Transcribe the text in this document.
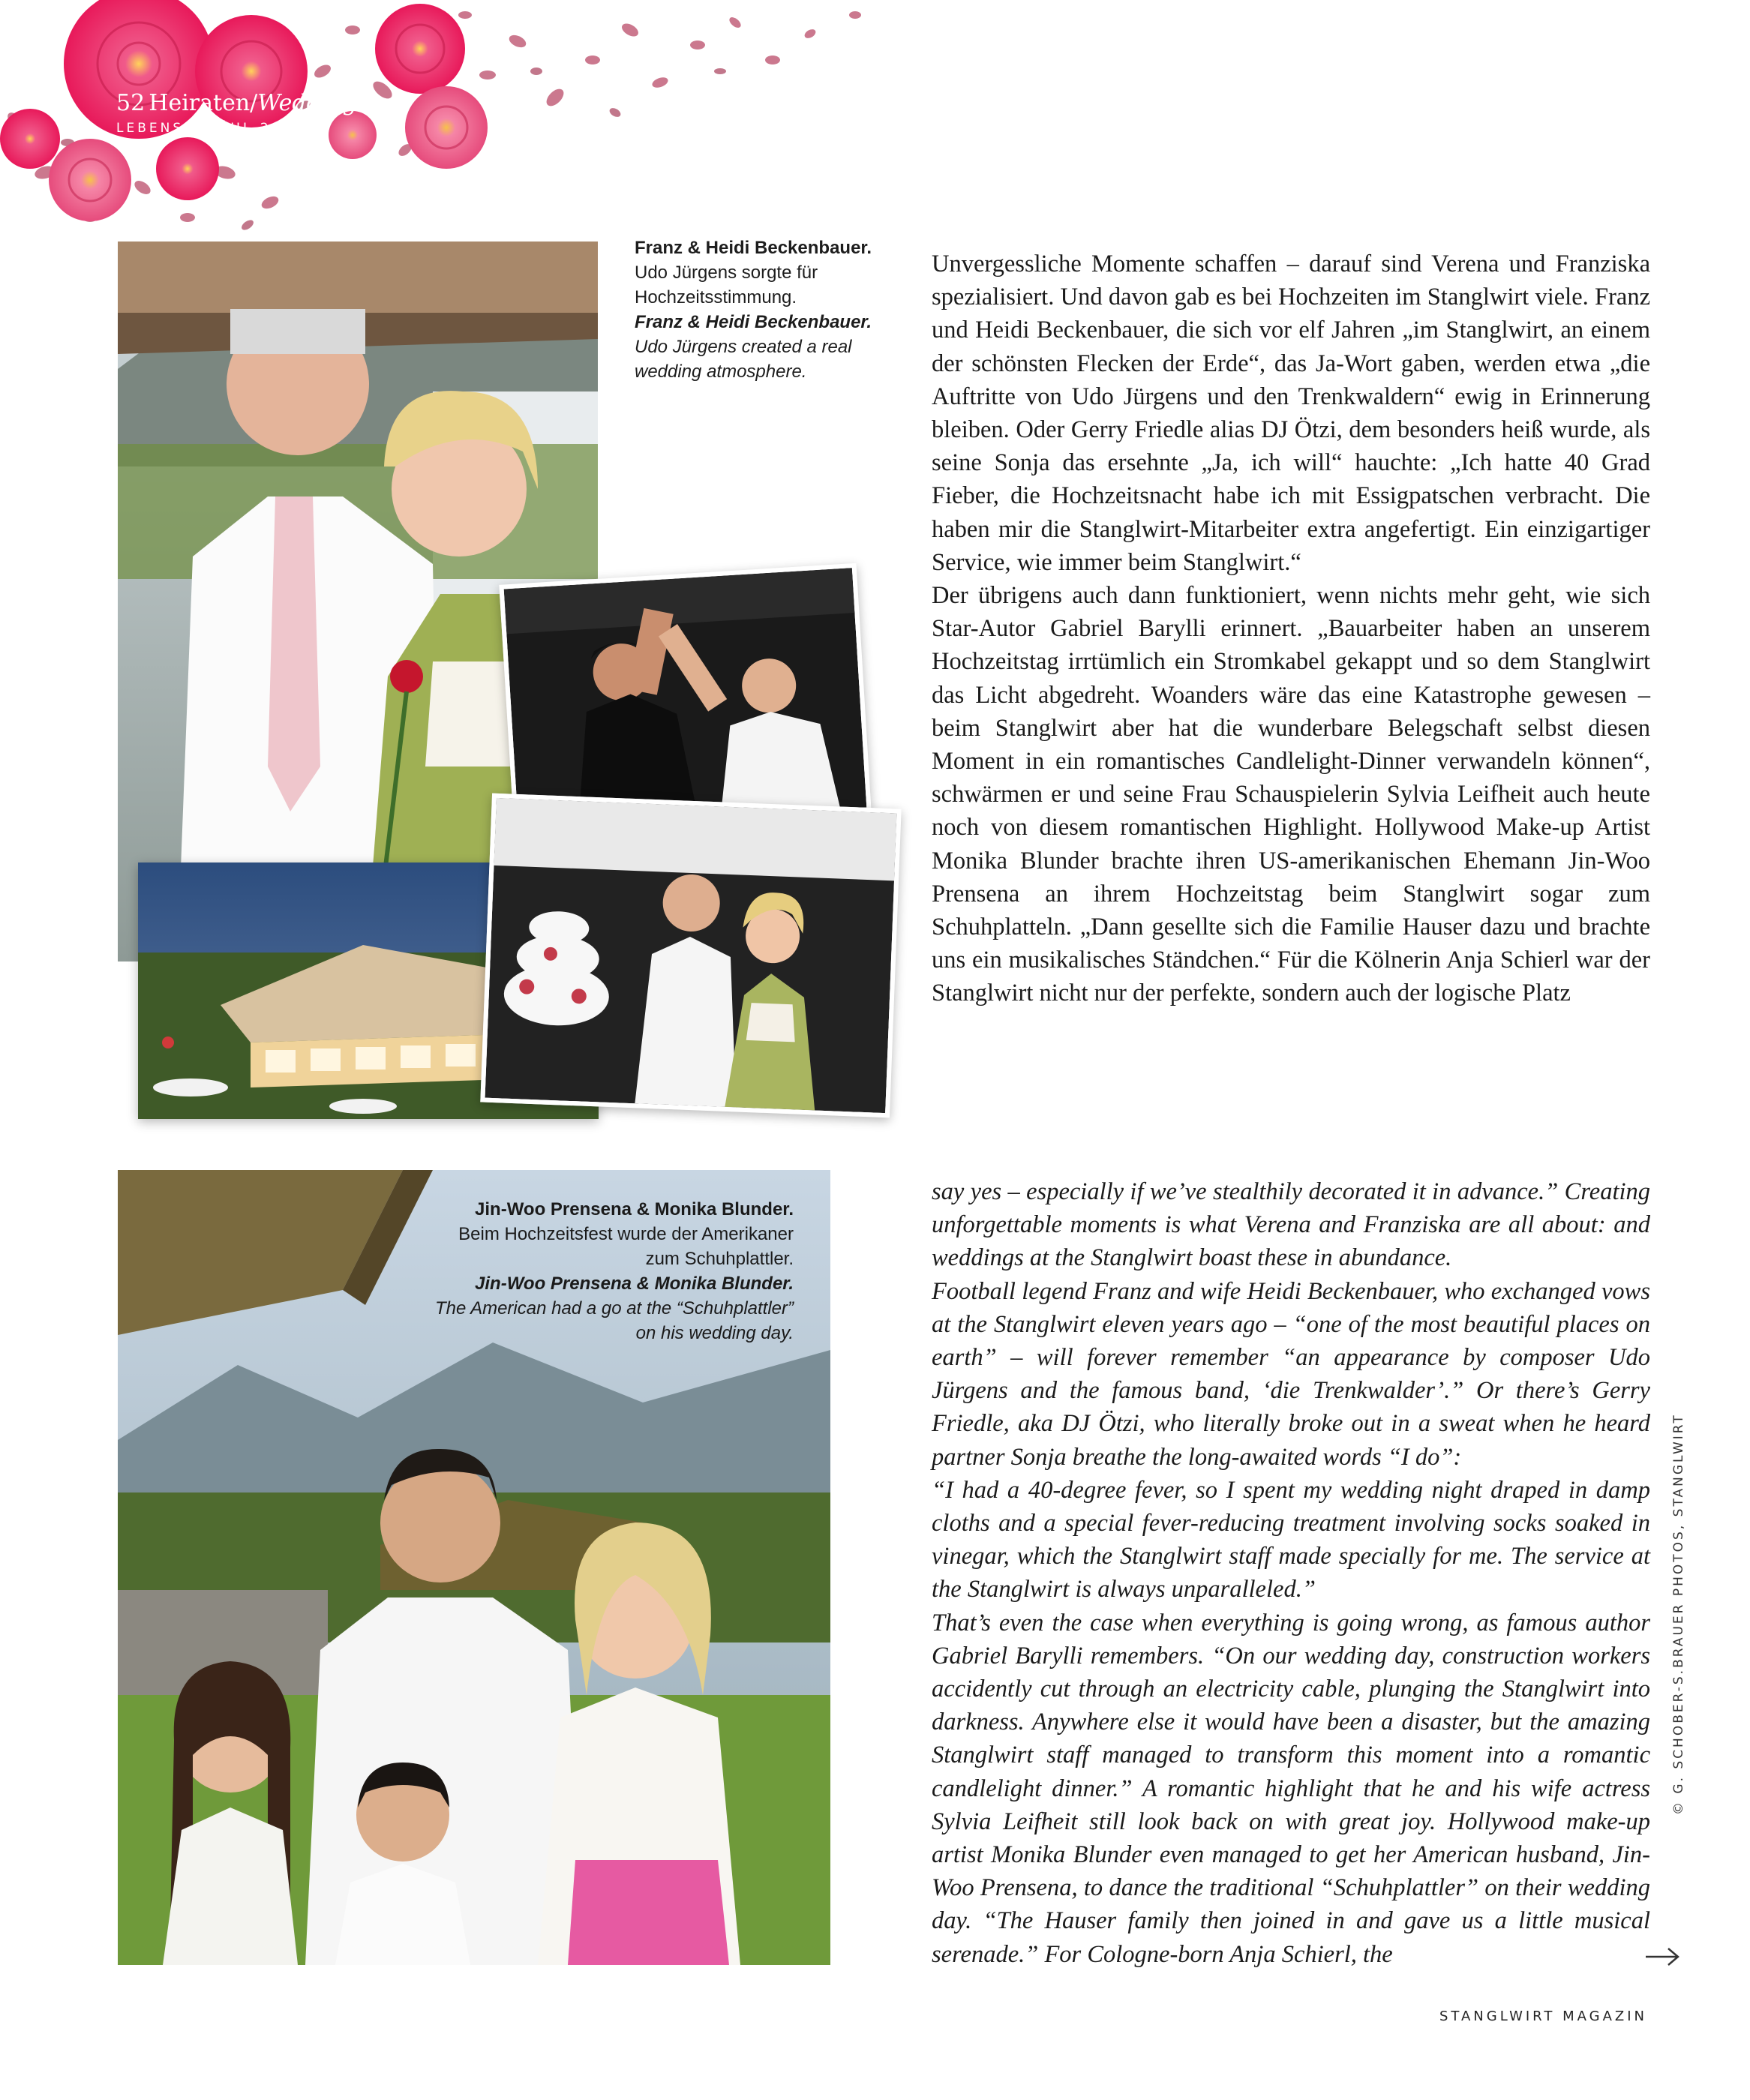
52 Heiraten/Weddings
LEBENSGEFÜHL 2018
Franz & Heidi Beckenbauer.
Udo Jürgens sorgte für Hochzeitsstimmung.
Franz & Heidi Beckenbauer.
Udo Jürgens created a real wedding atmosphere.

Unvergessliche Momente schaffen – darauf sind Verena und Franziska spezialisiert. Und davon gab es bei Hochzeiten im Stanglwirt viele. Franz und Heidi Beckenbauer, die sich vor elf Jahren „im Stanglwirt, an einem der schönsten Flecken der Erde“, das Ja-Wort gaben, werden etwa „die Auftritte von Udo Jürgens und den Trenkwaldern“ ewig in Erinnerung bleiben. Oder Gerry Friedle alias DJ Ötzi, dem besonders heiß wurde, als seine Sonja das ersehnte „Ja, ich will“ hauchte: „Ich hatte 40 Grad Fieber, die Hochzeitsnacht habe ich mit Essigpatschen verbracht. Die haben mir die Stanglwirt-Mitarbeiter extra angefertigt. Ein einzigartiger Service, wie immer beim Stanglwirt.“

Der übrigens auch dann funktioniert, wenn nichts mehr geht, wie sich Star-Autor Gabriel Barylli erinnert. „Bauarbeiter haben an unserem Hochzeitstag irrtümlich ein Stromkabel gekappt und so dem Stanglwirt das Licht abgedreht. Woanders wäre das eine Katastrophe gewesen – beim Stanglwirt aber hat die wunderbare Belegschaft selbst diesen Moment in ein romantisches Candlelight-Dinner verwandeln können“, schwärmen er und seine Frau Schauspielerin Sylvia Leifheit auch heute noch von diesem romantischen Highlight. Hollywood Make-up Artist Monika Blunder brachte ihren US-amerikanischen Ehemann Jin-Woo Prensena an ihrem Hochzeitstag beim Stanglwirt sogar zum Schuhplatteln. „Dann gesellte sich die Familie Hauser dazu und brachte uns ein musikalisches Ständchen.“ Für die Kölnerin Anja Schierl war der Stanglwirt nicht nur der perfekte, sondern auch der logische Platz

Jin-Woo Prensena & Monika Blunder.
Beim Hochzeitsfest wurde der Amerikaner zum Schuhplattler.
Jin-Woo Prensena & Monika Blunder.
The American had a go at the “Schuhplattler” on his wedding day.

say yes – especially if we’ve stealthily decorated it in advance.” Creating unforgettable moments is what Verena and Franziska are all about: and weddings at the Stanglwirt boast these in abundance.

Football legend Franz and wife Heidi Beckenbauer, who exchanged vows at the Stanglwirt eleven years ago – “one of the most beautiful places on earth” – will forever remember “an appearance by composer Udo Jürgens and the famous band, ‘die Trenkwalder’.” Or there’s Gerry Friedle, aka DJ Ötzi, who literally broke out in a sweat when he heard partner Sonja breathe the long-awaited words “I do”:

“I had a 40-degree fever, so I spent my wedding night draped in damp cloths and a special fever-reducing treatment involving socks soaked in vinegar, which the Stanglwirt staff made specially for me. The service at the Stanglwirt is always unparalleled.”

That’s even the case when everything is going wrong, as famous author Gabriel Barylli remembers. “On our wedding day, construction workers accidently cut through an electricity cable, plunging the Stanglwirt into darkness. Anywhere else it would have been a disaster, but the amazing Stanglwirt staff managed to transform this moment into a romantic candlelight dinner.” A romantic highlight that he and his wife actress Sylvia Leifheit still look back on with great joy. Hollywood make-up artist Monika Blunder even managed to get her American husband, Jin-Woo Prensena, to dance the traditional “Schuhplattler” on their wedding day. “The Hauser family then joined in and gave us a little musical serenade.” For Cologne-born Anja Schierl, the

© G. SCHOBER-S.BRAUER PHOTOS, STANGLWIRT
STANGLWIRT MAGAZIN
